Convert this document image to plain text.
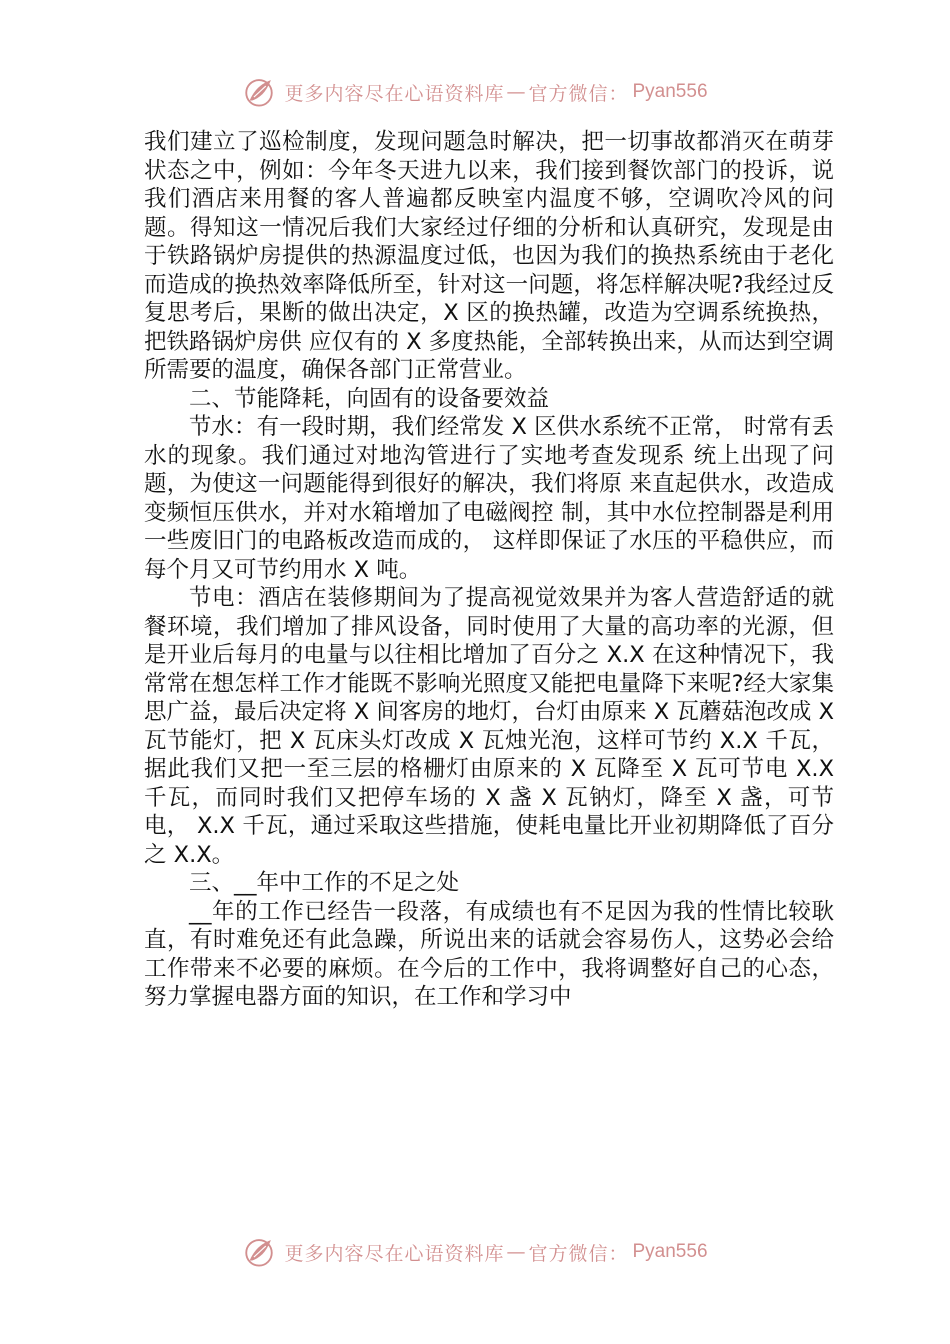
更多内容尽在心语资料库 — 官方微信： Pyan556

我们建立了巡检制度，发现问题急时解决，把一切事故都消灭在萌芽状态之中，例如：今年冬天进九以来，我们接到餐饮部门的投诉，说我们酒店来用餐的客人普遍都反映室内温度不够，空调吹冷风的问题。得知这一情况后我们大家经过仔细的分析和认真研究，发现是由于铁路锅炉房提供的热源温度过低，也因为我们的换热系统由于老化而造成的换热效率降低所至，针对这一问题，将怎样解决呢?我经过反复思考后，果断的做出决定，X 区的换热罐，改造为空调系统换热，把铁路锅炉房供 应仅有的 X 多度热能，全部转换出来，从而达到空调所需要的温度，确保各部门正常营业。

二、节能降耗，向固有的设备要效益

节水：有一段时期，我们经常发 X 区供水系统不正常， 时常有丢水的现象。我们通过对地沟管进行了实地考查发现系 统上出现了问题，为使这一问题能得到很好的解决，我们将原 来直起供水，改造成变频恒压供水，并对水箱增加了电磁阀控 制，其中水位控制器是利用一些废旧门的电路板改造而成的， 这样即保证了水压的平稳供应，而每个月又可节约用水 X 吨。

节电：酒店在装修期间为了提高视觉效果并为客人营造舒适的就餐环境，我们增加了排风设备，同时使用了大量的高功率的光源，但是开业后每月的电量与以往相比增加了百分之 X.X 在这种情况下，我常常在想怎样工作才能既不影响光照度又能把电量降下来呢?经大家集思广益，最后决定将 X 间客房的地灯，台灯由原来 X 瓦蘑菇泡改成 X 瓦节能灯，把 X 瓦床头灯改成 X 瓦烛光泡，这样可节约 X.X 千瓦，据此我们又把一至三层的格栅灯由原来的 X 瓦降至 X 瓦可节电 X.X 千瓦，而同时我们又把停车场的 X 盏 X 瓦钠灯，降至 X 盏，可节电， X.X 千瓦，通过采取这些措施，使耗电量比开业初期降低了百分之 X.X。

三、__年中工作的不足之处

__年的工作已经告一段落，有成绩也有不足因为我的性情比较耿直，有时难免还有此急躁，所说出来的话就会容易伤人，这势必会给工作带来不必要的麻烦。在今后的工作中，我将调整好自己的心态，努力掌握电器方面的知识，在工作和学习中

更多内容尽在心语资料库 — 官方微信： Pyan556
